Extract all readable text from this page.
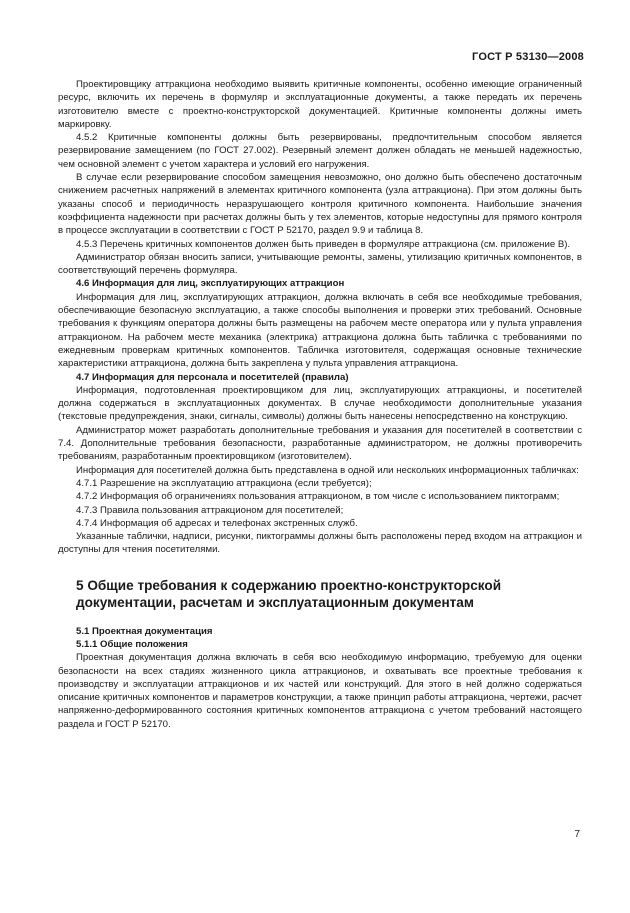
ГОСТ Р 53130—2008

Проектировщику аттракциона необходимо выявить критичные компоненты, особенно имеющие ограниченный ресурс, включить их перечень в формуляр и эксплуатационные документы, а также передать их перечень изготовителю вместе с проектно-конструкторской документацией. Критичные компоненты должны иметь маркировку.

4.5.2 Критичные компоненты должны быть резервированы, предпочтительным способом является резервирование замещением (по ГОСТ 27.002). Резервный элемент должен обладать не меньшей надежностью, чем основной элемент с учетом характера и условий его нагружения.

В случае если резервирование способом замещения невозможно, оно должно быть обеспечено достаточным снижением расчетных напряжений в элементах критичного компонента (узла аттракциона). При этом должны быть указаны способ и периодичность неразрушающего контроля критичного компонента. Наибольшие значения коэффициента надежности при расчетах должны быть у тех элементов, которые недоступны для прямого контроля в процессе эксплуатации в соответствии с ГОСТ Р 52170, раздел 9.9 и таблица 8.

4.5.3 Перечень критичных компонентов должен быть приведен в формуляре аттракциона (см. приложение В).

Администратор обязан вносить записи, учитывающие ремонты, замены, утилизацию критичных компонентов, в соответствующий перечень формуляра.

4.6 Информация для лиц, эксплуатирующих аттракцион

Информация для лиц, эксплуатирующих аттракцион, должна включать в себя все необходимые требования, обеспечивающие безопасную эксплуатацию, а также способы выполнения и проверки этих требований. Основные требования к функциям оператора должны быть размещены на рабочем месте оператора или у пульта управления аттракционом. На рабочем месте механика (электрика) аттракциона должна быть табличка с требованиями по ежедневным проверкам критичных компонентов. Табличка изготовителя, содержащая основные технические характеристики аттракциона, должна быть закреплена у пульта управления аттракциона.

4.7 Информация для персонала и посетителей (правила)

Информация, подготовленная проектировщиком для лиц, эксплуатирующих аттракционы, и посетителей должна содержаться в эксплуатационных документах. В случае необходимости дополнительные указания (текстовые предупреждения, знаки, сигналы, символы) должны быть нанесены непосредственно на конструкцию.

Администратор может разработать дополнительные требования и указания для посетителей в соответствии с 7.4. Дополнительные требования безопасности, разработанные администратором, не должны противоречить требованиям, разработанным проектировщиком (изготовителем).

Информация для посетителей должна быть представлена в одной или нескольких информационных табличках:

4.7.1 Разрешение на эксплуатацию аттракциона (если требуется);

4.7.2 Информация об ограничениях пользования аттракционом, в том числе с использованием пиктограмм;

4.7.3 Правила пользования аттракционом для посетителей;

4.7.4 Информация об адресах и телефонах экстренных служб.

Указанные таблички, надписи, рисунки, пиктограммы должны быть расположены перед входом на аттракцион и доступны для чтения посетителями.

5 Общие требования к содержанию проектно-конструкторской документации, расчетам и эксплуатационным документам

5.1 Проектная документация

5.1.1 Общие положения

Проектная документация должна включать в себя всю необходимую информацию, требуемую для оценки безопасности на всех стадиях жизненного цикла аттракционов, и охватывать все проектные требования к производству и эксплуатации аттракционов и их частей или конструкций. Для этого в ней должно содержаться описание критичных компонентов и параметров конструкции, а также принцип работы аттракциона, чертежи, расчет напряженно-деформированного состояния критичных компонентов аттракциона с учетом требований настоящего раздела и ГОСТ Р 52170.

7
